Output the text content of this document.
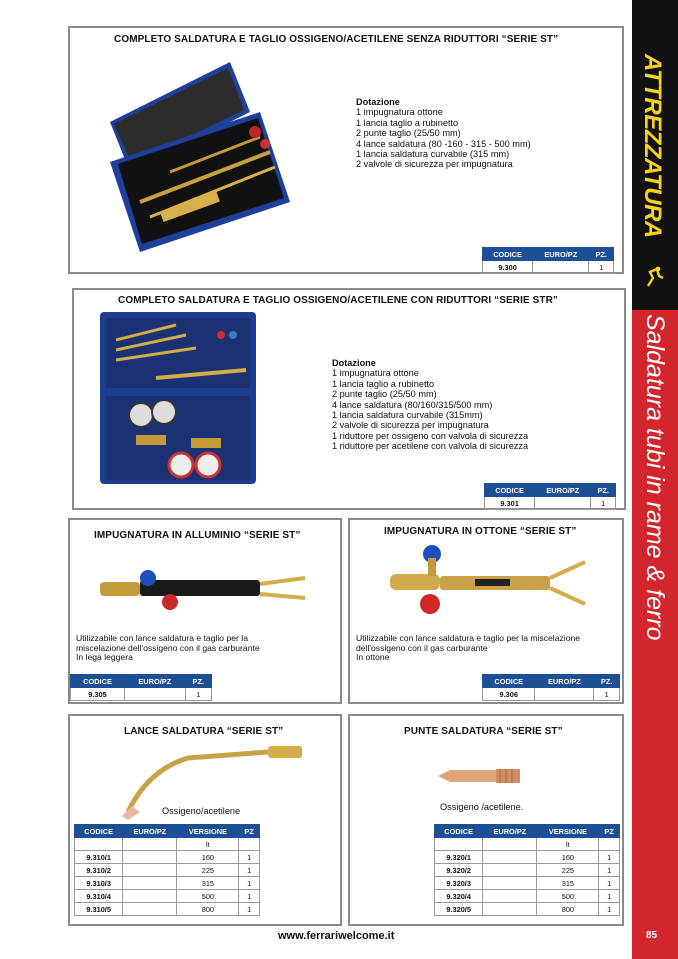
COMPLETO SALDATURA E TAGLIO OSSIGENO/ACETILENE SENZA RIDUTTORI “SERIE ST”
Dotazione
1 impugnatura ottone
1 lancia taglio a rubinetto
2 punte taglio (25/50 mm)
4 lance saldatura (80 -160 - 315 - 500 mm)
1 lancia saldatura curvabile (315 mm)
2 valvole di sicurezza per impugnatura
CODICE	EURO/PZ	PZ.
9.300		1
COMPLETO SALDATURA E TAGLIO OSSIGENO/ACETILENE CON RIDUTTORI “SERIE STR”
Dotazione
1 impugnatura ottone
1 lancia taglio a rubinetto
2 punte taglio (25/50 mm)
4 lance saldatura (80/160/315/500 mm)
1 lancia saldatura curvabile (315mm)
2 valvole di sicurezza per impugnatura
1 riduttore per ossigeno con valvola di sicurezza
1 riduttore per acetilene con valvola di sicurezza
CODICE	EURO/PZ	PZ.
9.301		1
IMPUGNATURA IN ALLUMINIO “SERIE ST”
Utilizzabile con lance saldatura e taglio per la
miscelazione dell'ossigeno con il gas carburante
In lega leggera
CODICE	EURO/PZ	PZ.
9.305		1
IMPUGNATURA IN OTTONE “SERIE ST”
Utilizzabile con lance saldatura e taglio per la miscelazione
dell'ossigeno con il gas carburante
In ottone
CODICE	EURO/PZ	PZ.
9.306		1
LANCE SALDATURA “SERIE ST”
Ossigeno/acetilene
CODICE	EURO/PZ	VERSIONE	PZ
		lt	
9.310/1		160	1
9.310/2		225	1
9.310/3		315	1
9.310/4		500	1
9.310/5		800	1
PUNTE SALDATURA “SERIE ST”
Ossigeno /acetilene.
CODICE	EURO/PZ	VERSIONE	PZ
		lt	
9.320/1		160	1
9.320/2		225	1
9.320/3		315	1
9.320/4		500	1
9.320/5		800	1
ATTREZZATURA
Saldatura tubi in rame & ferro
www.ferrariwelcome.it	85
